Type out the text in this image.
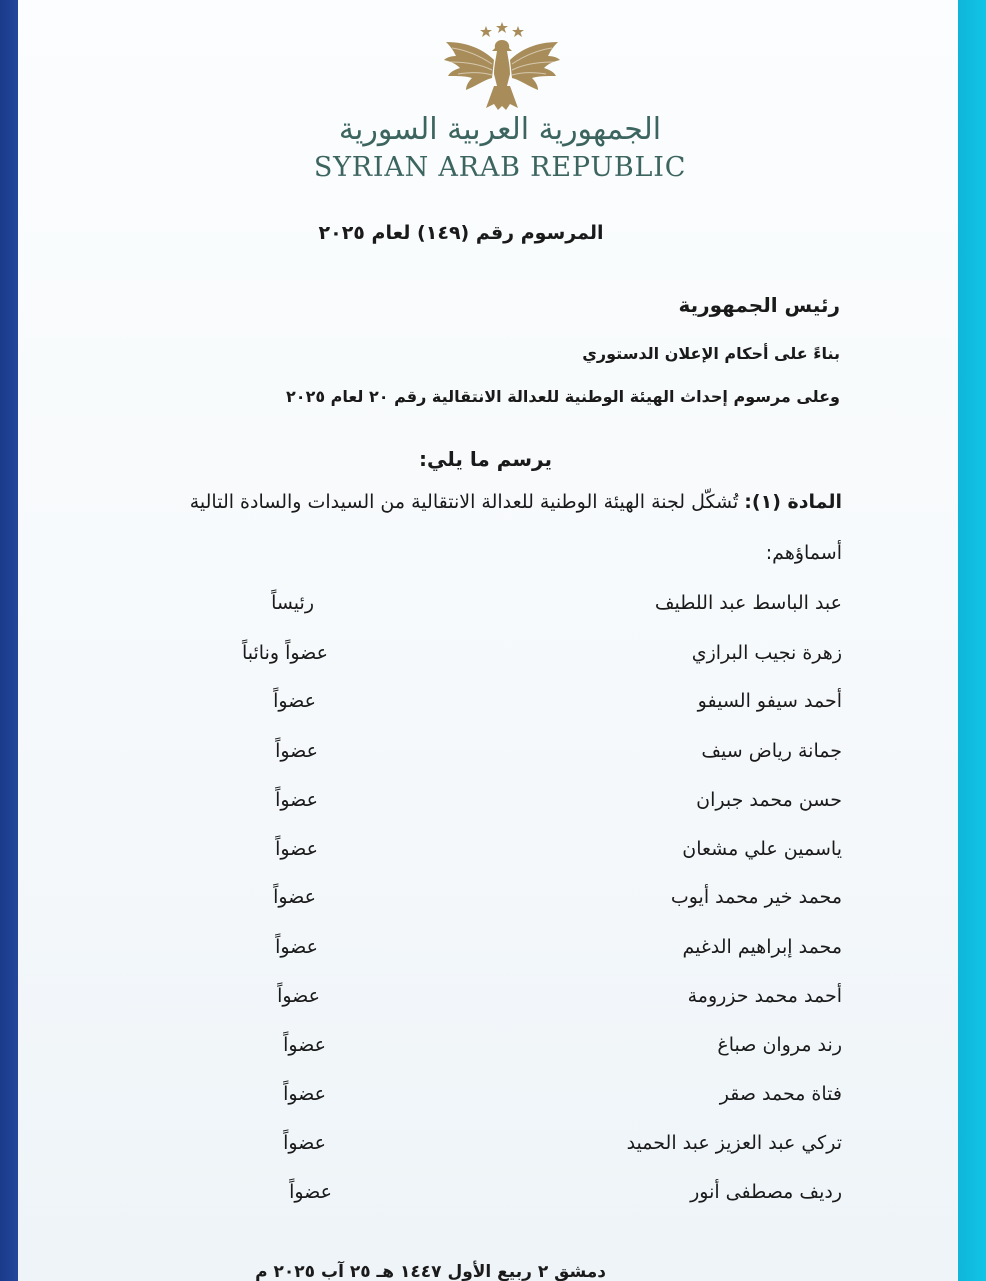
الجمهورية العربية السورية
SYRIAN ARAB REPUBLIC
المرسوم رقم (١٤٩) لعام ٢٠٢٥
رئيس الجمهورية
بناءً على أحكام الإعلان الدستوري
وعلى مرسوم إحداث الهيئة الوطنية للعدالة الانتقالية رقم ٢٠ لعام ٢٠٢٥
يرسم ما يلي:
المادة (١): تُشكّل لجنة الهيئة الوطنية للعدالة الانتقالية من السيدات والسادة التالية
أسماؤهم:
عبد الباسط عبد اللطيف
رئيساً
زهرة نجيب البرازي
عضواً ونائباً
أحمد سيفو السيفو
عضواً
جمانة رياض سيف
عضواً
حسن محمد جبران
عضواً
ياسمين علي مشعان
عضواً
محمد خير محمد أيوب
عضواً
محمد إبراهيم الدغيم
عضواً
أحمد محمد حزرومة
عضواً
رند مروان صباغ
عضواً
فتاة محمد صقر
عضواً
تركي عبد العزيز عبد الحميد
عضواً
رديف مصطفى أنور
عضواً
دمشق ٢ ربيع الأول ١٤٤٧ هـ ٢٥ آب ٢٠٢٥ م
